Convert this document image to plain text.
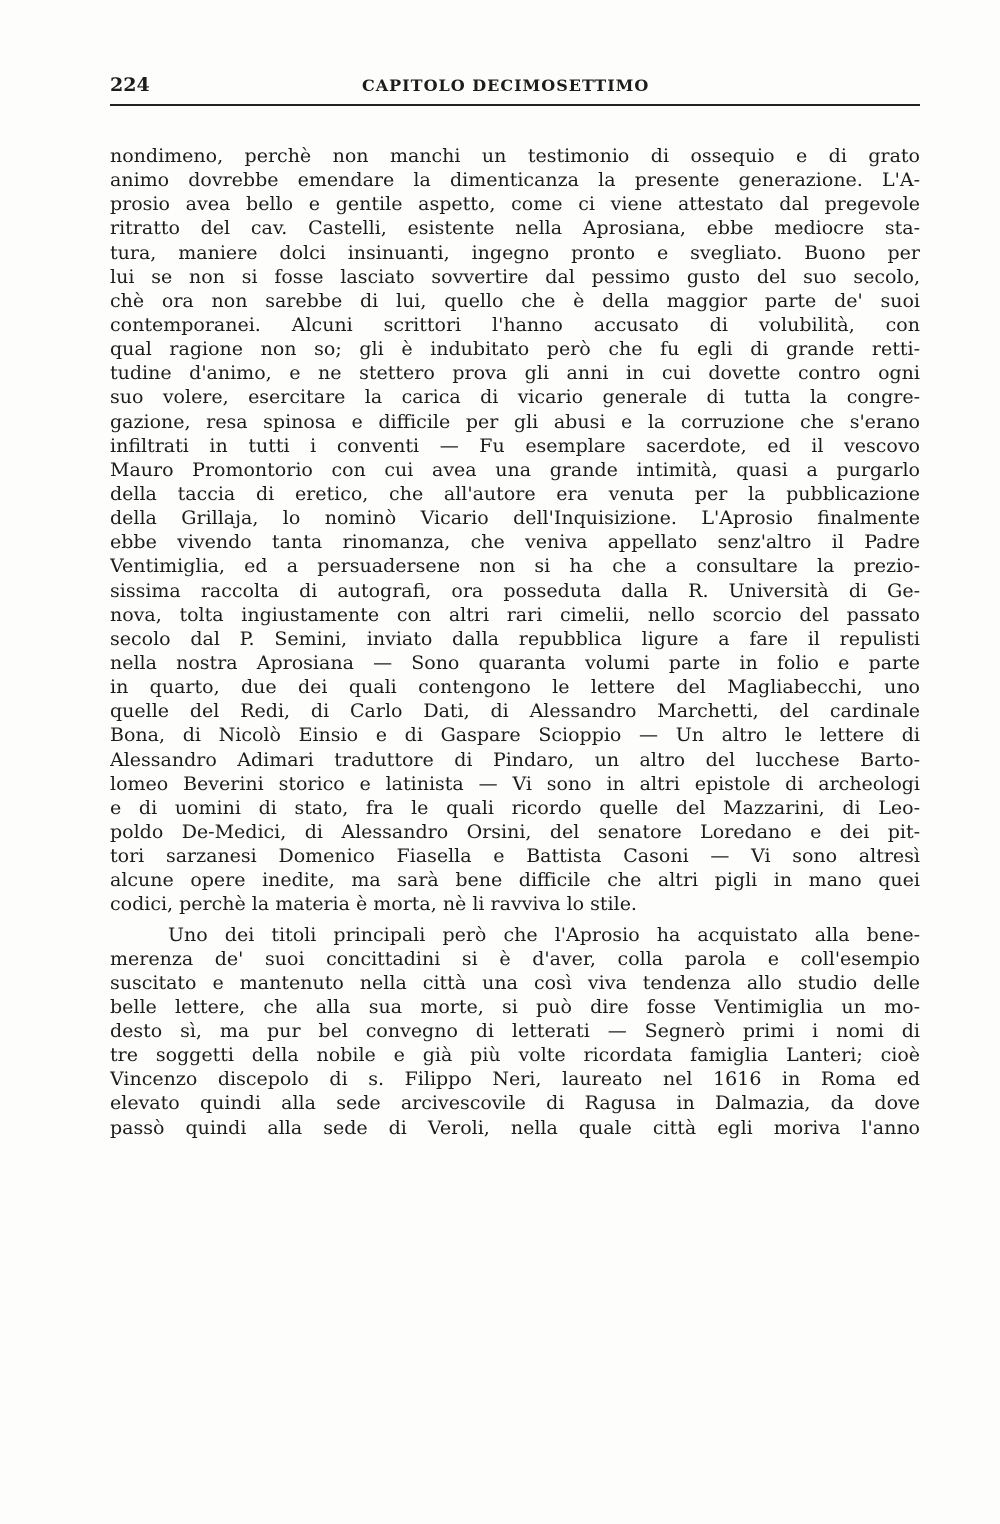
224	CAPITOLO DECIMOSETTIMO
nondimeno, perchè non manchi un testimonio di ossequio e di grato
animo dovrebbe emendare la dimenticanza la presente generazione. L'A-
prosio avea bello e gentile aspetto, come ci viene attestato dal pregevole
ritratto del cav. Castelli, esistente nella Aprosiana, ebbe mediocre sta-
tura, maniere dolci insinuanti, ingegno pronto e svegliato. Buono per
lui se non si fosse lasciato sovvertire dal pessimo gusto del suo secolo,
chè ora non sarebbe di lui, quello che è della maggior parte de' suoi
contemporanei. Alcuni scrittori l'hanno accusato di volubilità, con
qual ragione non so; gli è indubitato però che fu egli di grande retti-
tudine d'animo, e ne stettero prova gli anni in cui dovette contro ogni
suo volere, esercitare la carica di vicario generale di tutta la congre-
gazione, resa spinosa e difficile per gli abusi e la corruzione che s'erano
infiltrati in tutti i conventi — Fu esemplare sacerdote, ed il vescovo
Mauro Promontorio con cui avea una grande intimità, quasi a purgarlo
della taccia di eretico, che all'autore era venuta per la pubblicazione
della Grillaja, lo nominò Vicario dell'Inquisizione. L'Aprosio finalmente
ebbe vivendo tanta rinomanza, che veniva appellato senz'altro il Padre
Ventimiglia, ed a persuadersene non si ha che a consultare la prezio-
sissima raccolta di autografi, ora posseduta dalla R. Università di Ge-
nova, tolta ingiustamente con altri rari cimelii, nello scorcio del passato
secolo dal P. Semini, inviato dalla repubblica ligure a fare il repulisti
nella nostra Aprosiana — Sono quaranta volumi parte in folio e parte
in quarto, due dei quali contengono le lettere del Magliabecchi, uno
quelle del Redi, di Carlo Dati, di Alessandro Marchetti, del cardinale
Bona, di Nicolò Einsio e di Gaspare Scioppio — Un altro le lettere di
Alessandro Adimari traduttore di Pindaro, un altro del lucchese Barto-
lomeo Beverini storico e latinista — Vi sono in altri epistole di archeologi
e di uomini di stato, fra le quali ricordo quelle del Mazzarini, di Leo-
poldo De-Medici, di Alessandro Orsini, del senatore Loredano e dei pit-
tori sarzanesi Domenico Fiasella e Battista Casoni — Vi sono altresì
alcune opere inedite, ma sarà bene difficile che altri pigli in mano quei
codici, perchè la materia è morta, nè li ravviva lo stile.
Uno dei titoli principali però che l'Aprosio ha acquistato alla bene-
merenza de' suoi concittadini si è d'aver, colla parola e coll'esempio
suscitato e mantenuto nella città una così viva tendenza allo studio delle
belle lettere, che alla sua morte, si può dire fosse Ventimiglia un mo-
desto sì, ma pur bel convegno di letterati — Segnerò primi i nomi di
tre soggetti della nobile e già più volte ricordata famiglia Lanteri; cioè
Vincenzo discepolo di s. Filippo Neri, laureato nel 1616 in Roma ed
elevato quindi alla sede arcivescovile di Ragusa in Dalmazia, da dove
passò quindi alla sede di Veroli, nella quale città egli moriva l'anno
